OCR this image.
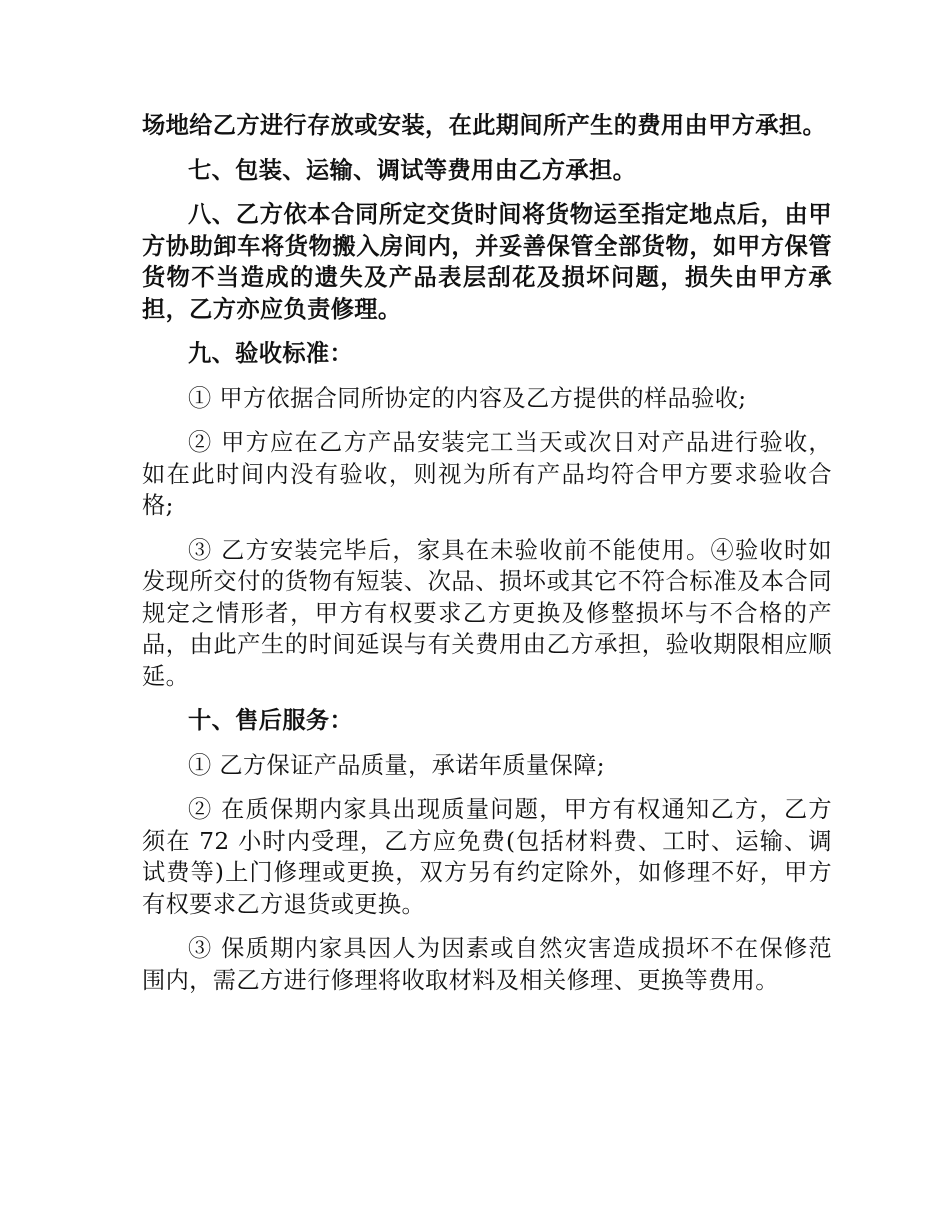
场地给乙方进行存放或安装，在此期间所产生的费用由甲方承担。

七、包装、运输、调试等费用由乙方承担。

八、乙方依本合同所定交货时间将货物运至指定地点后，由甲方协助卸车将货物搬入房间内，并妥善保管全部货物，如甲方保管货物不当造成的遗失及产品表层刮花及损坏问题，损失由甲方承担，乙方亦应负责修理。

九、验收标准：

① 甲方依据合同所协定的内容及乙方提供的样品验收;

② 甲方应在乙方产品安装完工当天或次日对产品进行验收，如在此时间内没有验收，则视为所有产品均符合甲方要求验收合格;

③ 乙方安装完毕后，家具在未验收前不能使用。④验收时如发现所交付的货物有短装、次品、损坏或其它不符合标准及本合同规定之情形者，甲方有权要求乙方更换及修整损坏与不合格的产品，由此产生的时间延误与有关费用由乙方承担，验收期限相应顺延。

十、售后服务：

① 乙方保证产品质量，承诺年质量保障;

② 在质保期内家具出现质量问题，甲方有权通知乙方，乙方须在 72 小时内受理，乙方应免费(包括材料费、工时、运输、调试费等)上门修理或更换，双方另有约定除外，如修理不好，甲方有权要求乙方退货或更换。

③ 保质期内家具因人为因素或自然灾害造成损坏不在保修范围内，需乙方进行修理将收取材料及相关修理、更换等费用。
